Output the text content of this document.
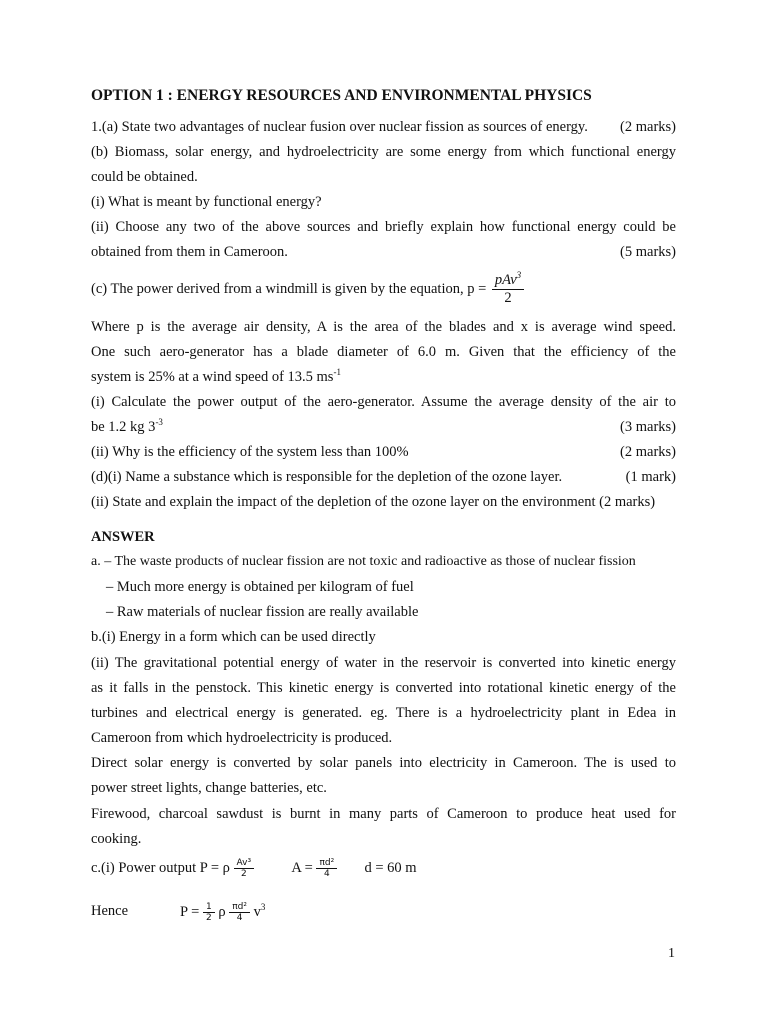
OPTION 1 : ENERGY RESOURCES AND ENVIRONMENTAL PHYSICS
1.(a) State two advantages of nuclear fusion over nuclear fission as sources of energy. (2 marks)
(b) Biomass, solar energy, and hydroelectricity are some energy from which functional energy
could be obtained.
(i) What is meant by functional energy?
(ii) Choose any two of the above sources and briefly explain how functional energy could be
obtained from them in Cameroon.	(5 marks)
(c) The power derived from a windmill is given by the equation, $p = \frac{pAv^3}{2}$
Where p is the average air density, A is the area of the blades and x is average wind speed.
One such aero-generator has a blade diameter of 6.0 m. Given that the efficiency of the
system is 25% at a wind speed of 13.5 $ms^{-1}$
(i) Calculate the power output of the aero-generator. Assume the average density of the air to
be 1.2 kg $3^{-3}$	(3 marks)
(ii) Why is the efficiency of the system less than 100%	(2 marks)
(d)(i) Name a substance which is responsible for the depletion of the ozone layer.	(1 mark)
(ii) State and explain the impact of the depletion of the ozone layer on the environment (2 marks)
ANSWER
a. – The waste products of nuclear fission are not toxic and radioactive as those of nuclear fission
– Much more energy is obtained per kilogram of fuel
– Raw materials of nuclear fission are really available
b.(i) Energy in a form which can be used directly
(ii) The gravitational potential energy of water in the reservoir is converted into kinetic energy
as it falls in the penstock. This kinetic energy is converted into rotational kinetic energy of the
turbines and electrical energy is generated. eg. There is a hydroelectricity plant in Edea in
Cameroon from which hydroelectricity is produced.
Direct solar energy is converted by solar panels into electricity in Cameroon. The is used to
power street lights, change batteries, etc.
Firewood, charcoal sawdust is burnt in many parts of Cameroon to produce heat used for
cooking.
c.(i) Power output P = ρ $\frac{\text{Av³}}{2}$	$A = \frac{\text{πd²}}{4}$ d = 60 m
Hence	$P = \frac{1}{2}$ ρ $\frac{\text{πd²}}{4} v^3$
1
